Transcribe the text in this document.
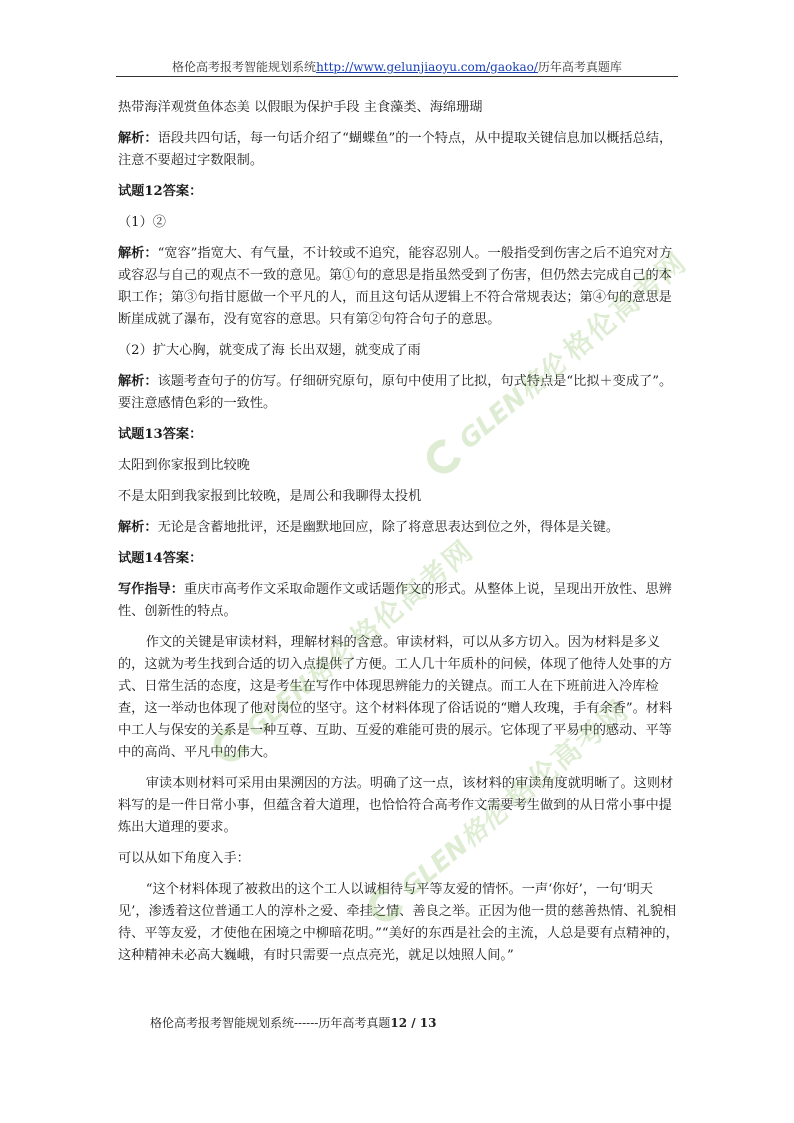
格伦高考报考智能规划系统http://www.gelunjiaoyu.com/gaokao/历年高考真题库

热带海洋观赏鱼体态美 以假眼为保护手段 主食藻类、海绵珊瑚

解析：语段共四句话，每一句话介绍了“蝴蝶鱼”的一个特点，从中提取关键信息加以概括总结，注意不要超过字数限制。

试题12答案：

（1）②

解析：“宽容”指宽大、有气量，不计较或不追究，能容忍别人。一般指受到伤害之后不追究对方或容忍与自己的观点不一致的意见。第①句的意思是指虽然受到了伤害，但仍然去完成自己的本职工作；第③句指甘愿做一个平凡的人，而且这句话从逻辑上不符合常规表达；第④句的意思是断崖成就了瀑布，没有宽容的意思。只有第②句符合句子的意思。

（2）扩大心胸，就变成了海 长出双翅，就变成了雨

解析：该题考查句子的仿写。仔细研究原句，原句中使用了比拟，句式特点是“比拟＋变成了”。要注意感情色彩的一致性。

试题13答案：

太阳到你家报到比较晚

不是太阳到我家报到比较晚，是周公和我聊得太投机

解析：无论是含蓄地批评，还是幽默地回应，除了将意思表达到位之外，得体是关键。

试题14答案：

写作指导：重庆市高考作文采取命题作文或话题作文的形式。从整体上说，呈现出开放性、思辨性、创新性的特点。

作文的关键是审读材料，理解材料的含意。审读材料，可以从多方切入。因为材料是多义的，这就为考生找到合适的切入点提供了方便。工人几十年质朴的问候，体现了他待人处事的方式、日常生活的态度，这是考生在写作中体现思辨能力的关键点。而工人在下班前进入冷库检查，这一举动也体现了他对岗位的坚守。这个材料体现了俗话说的“赠人玫瑰，手有余香”。材料中工人与保安的关系是一种互尊、互助、互爱的难能可贵的展示。它体现了平易中的感动、平等中的高尚、平凡中的伟大。

审读本则材料可采用由果溯因的方法。明确了这一点，该材料的审读角度就明晰了。这则材料写的是一件日常小事，但蕴含着大道理，也恰恰符合高考作文需要考生做到的从日常小事中提炼出大道理的要求。

可以从如下角度入手：

“这个材料体现了被救出的这个工人以诚相待与平等友爱的情怀。一声‘你好’，一句‘明天见’，渗透着这位普通工人的淳朴之爱、牵挂之情、善良之举。正因为他一贯的慈善热情、礼貌相待、平等友爱，才使他在困境之中柳暗花明。”“美好的东西是社会的主流，人总是要有点精神的，这种精神未必高大巍峨，有时只需要一点点亮光，就足以烛照人间。”

GLEN格伦
格伦高考网
GLEN格伦
格伦高考网
GLEN格伦
格伦高考网
格伦高考报考智能规划系统------历年高考真题12 / 13
